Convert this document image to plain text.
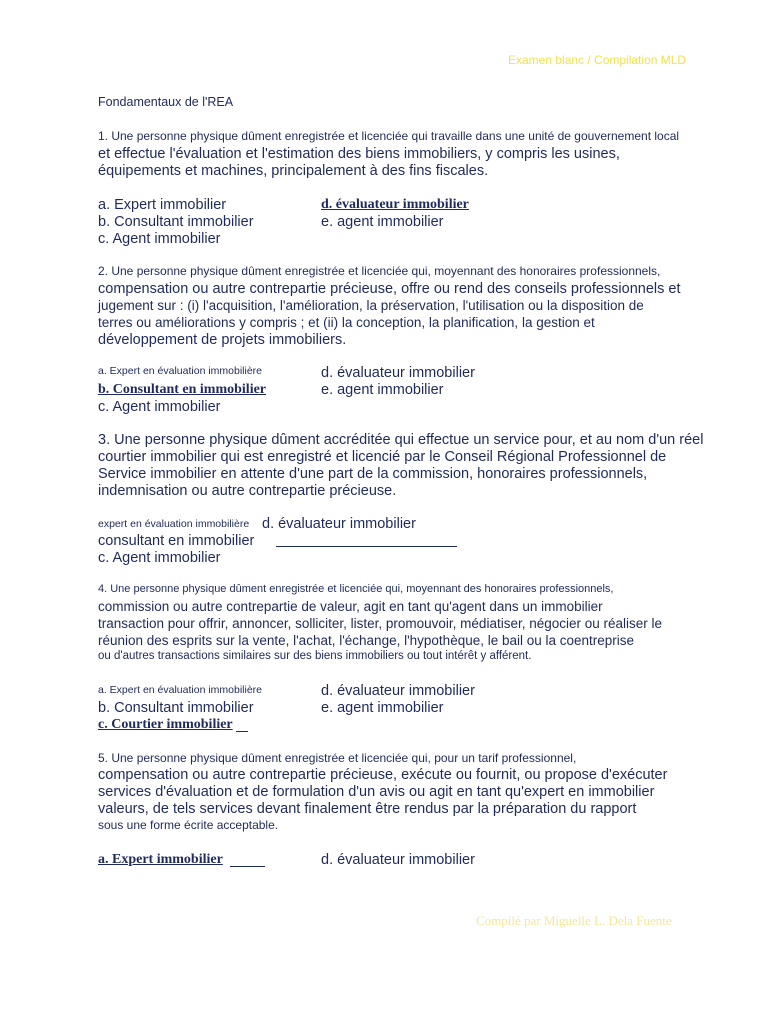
Examen blanc / Compilation MLD
Fondamentaux de l'REA
1. Une personne physique dûment enregistrée et licenciée qui travaille dans une unité de gouvernement local
et effectue l'évaluation et l'estimation des biens immobiliers, y compris les usines,
équipements et machines, principalement à des fins fiscales.
a. Expert immobilier	d. évaluateur immobilier
b. Consultant immobilier	e. agent immobilier
c. Agent immobilier
2. Une personne physique dûment enregistrée et licenciée qui, moyennant des honoraires professionnels,
compensation ou autre contrepartie précieuse, offre ou rend des conseils professionnels et
jugement sur : (i) l'acquisition, l'amélioration, la préservation, l'utilisation ou la disposition de
terres ou améliorations y compris ; et (ii) la conception, la planification, la gestion et
développement de projets immobiliers.
a. Expert en évaluation immobilière	d. évaluateur immobilier
b. Consultant en immobilier	e. agent immobilier
c. Agent immobilier
3. Une personne physique dûment accréditée qui effectue un service pour, et au nom d'un réel
courtier immobilier qui est enregistré et licencié par le Conseil Régional Professionnel de
Service immobilier en attente d'une part de la commission, honoraires professionnels,
indemnisation ou autre contrepartie précieuse.
expert en évaluation immobilière d. évaluateur immobilier
consultant en immobilier
c. Agent immobilier
4. Une personne physique dûment enregistrée et licenciée qui, moyennant des honoraires professionnels,
commission ou autre contrepartie de valeur, agit en tant qu'agent dans un immobilier
transaction pour offrir, annoncer, solliciter, lister, promouvoir, médiatiser, négocier ou réaliser le
réunion des esprits sur la vente, l'achat, l'échange, l'hypothèque, le bail ou la coentreprise
ou d'autres transactions similaires sur des biens immobiliers ou tout intérêt y afférent.
a. Expert en évaluation immobilière	d. évaluateur immobilier
b. Consultant immobilier	e. agent immobilier
c. Courtier immobilier
5. Une personne physique dûment enregistrée et licenciée qui, pour un tarif professionnel,
compensation ou autre contrepartie précieuse, exécute ou fournit, ou propose d'exécuter
services d'évaluation et de formulation d'un avis ou agit en tant qu'expert en immobilier
valeurs, de tels services devant finalement être rendus par la préparation du rapport
sous une forme écrite acceptable.
a. Expert immobilier	d. évaluateur immobilier
Compilé par Miguelle L. Dela Fuente
